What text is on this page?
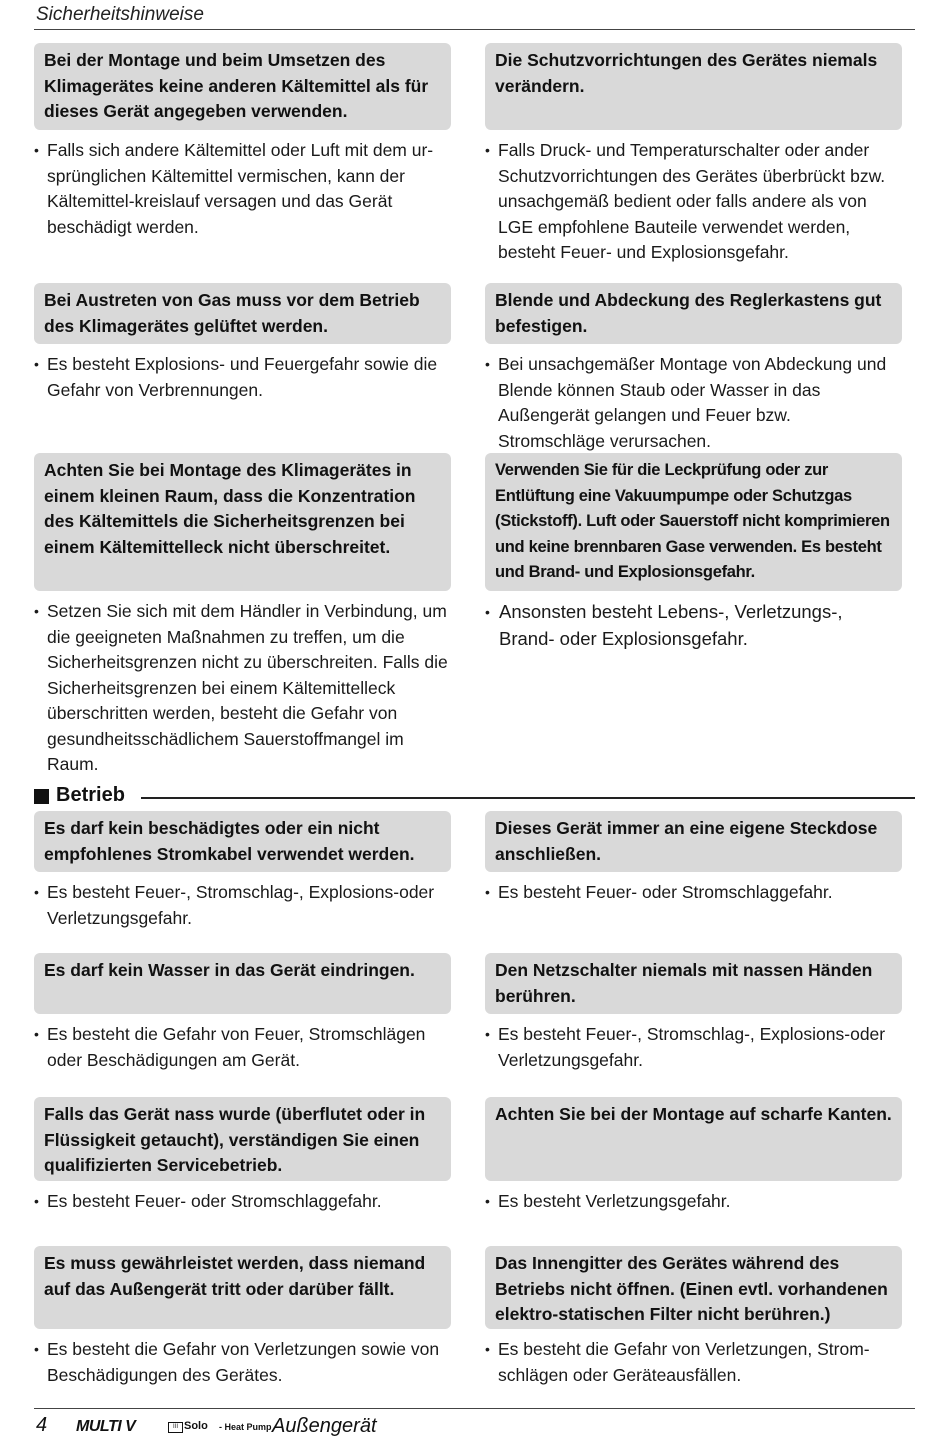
Sicherheitshinweise
Bei der Montage und beim Umsetzen des Klimagerätes keine anderen Kältemittel als für dieses Gerät angegeben verwenden.
• Falls sich andere Kältemittel oder Luft mit dem ur-sprünglichen Kältemittel vermischen, kann der Kältemittel-kreislauf versagen und das Gerät beschädigt werden.
Bei Austreten von Gas muss vor dem Betrieb des Klimagerätes gelüftet werden.
• Es besteht Explosions- und Feuergefahr sowie die Gefahr von Verbrennungen.
Achten Sie bei Montage des Klimagerätes in einem kleinen Raum, dass die Konzentration des Kältemittels die Sicherheitsgrenzen bei einem Kältemittelleck nicht überschreitet.
• Setzen Sie sich mit dem Händler in Verbindung, um die geeigneten Maßnahmen zu treffen, um die Sicherheitsgrenzen nicht zu überschreiten. Falls die Sicherheitsgrenzen bei einem Kältemittelleck überschritten werden, besteht die Gefahr von gesundheitsschädlichem Sauerstoffmangel im Raum.
Die Schutzvorrichtungen des Gerätes niemals verändern.
• Falls Druck- und Temperaturschalter oder ander Schutzvorrichtungen des Gerätes überbrückt bzw. unsachgemäß bedient oder falls andere als von LGE empfohlene Bauteile verwendet werden, besteht Feuer- und Explosionsgefahr.
Blende und Abdeckung des Reglerkastens gut befestigen.
• Bei unsachgemäßer Montage von Abdeckung und Blende können Staub oder Wasser in das Außengerät gelangen und Feuer bzw. Stromschläge verursachen.
Verwenden Sie für die Leckprüfung oder zur Entlüftung eine Vakuumpumpe oder Schutzgas (Stickstoff). Luft oder Sauerstoff nicht komprimieren und keine brennbaren Gase verwenden. Es besteht und Brand- und Explosionsgefahr.
• Ansonsten besteht Lebens-, Verletzungs-, Brand- oder Explosionsgefahr.
Betrieb
Es darf kein beschädigtes oder ein nicht empfohlenes Stromkabel verwendet werden.
• Es besteht Feuer-, Stromschlag-, Explosions-oder Verletzungsgefahr.
Es darf kein Wasser in das Gerät eindringen.
• Es besteht die Gefahr von Feuer, Stromschlägen oder Beschädigungen am Gerät.
Falls das Gerät nass wurde (überflutet oder in Flüssigkeit getaucht), verständigen Sie einen qualifizierten Servicebetrieb.
• Es besteht Feuer- oder Stromschlaggefahr.
Es muss gewährleistet werden, dass niemand auf das Außengerät tritt oder darüber fällt.
• Es besteht die Gefahr von Verletzungen sowie von Beschädigungen des Gerätes.
Dieses Gerät immer an eine eigene Steckdose anschließen.
• Es besteht Feuer- oder Stromschlaggefahr.
Den Netzschalter niemals mit nassen Händen berühren.
• Es besteht Feuer-, Stromschlag-, Explosions-oder Verletzungsgefahr.
Achten Sie bei der Montage auf scharfe Kanten.
• Es besteht Verletzungsgefahr.
Das Innengitter des Gerätes während des Betriebs nicht öffnen. (Einen evtl. vorhandenen elektro-statischen Filter nicht berühren.)
• Es besteht die Gefahr von Verletzungen, Strom-schlägen oder Geräteausfällen.
4 MULTI V	III Solo - Heat Pump Außengerät
